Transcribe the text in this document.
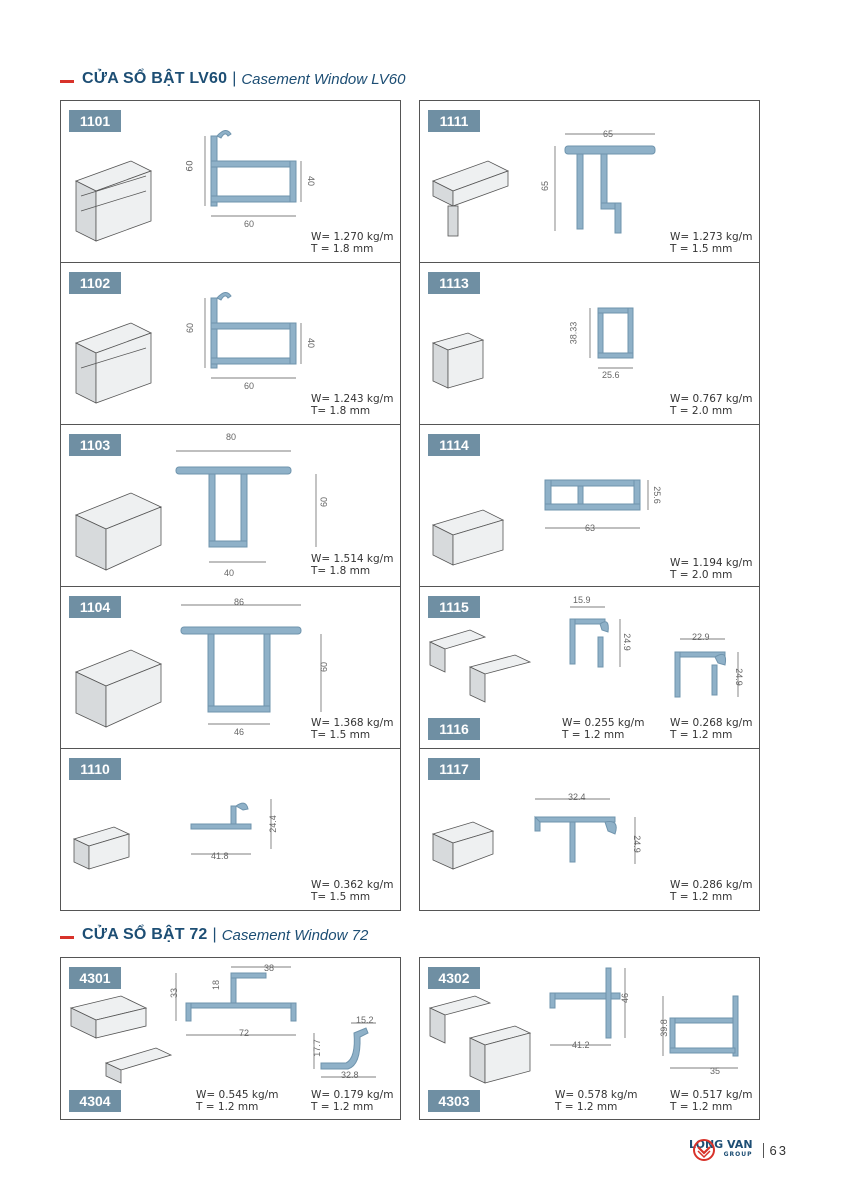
CỬA SỔ BẬT LV60 | Casement Window LV60
1101
60
40
60
W= 1.270 kg/m
T = 1.8 mm
1111
65
65
W= 1.273 kg/m
T = 1.5 mm
1102
60
40
60
W= 1.243 kg/m
T= 1.8 mm
1113
38.33
25.6
W= 0.767 kg/m
T = 2.0 mm
1103	80
60
40
W= 1.514 kg/m
T= 1.8 mm
1114
25.6
63
W= 1.194 kg/m
T = 2.0 mm
1104	86
60
46
W= 1.368 kg/m
T= 1.5 mm
1115
1116
15.9
24.9	22.9
24.9
W= 0.255 kg/m
T = 1.2 mm
W= 0.268 kg/m
T = 1.2 mm
1110
24.4
41.8
W= 0.362 kg/m
T= 1.5 mm
1117
32.4
24.9
W= 0.286 kg/m
T = 1.2 mm
CỬA SỔ BẬT 72 | Casement Window 72
4301
4304
38
33
18
72
15.2
17.7
32.8
W= 0.545 kg/m
T = 1.2 mm
W= 0.179 kg/m
T = 1.2 mm
4302
4303
46
41.2
39.8
35
W= 0.578 kg/m
T = 1.2 mm
W= 0.517 kg/m
T = 1.2 mm
LONG VAN
GROUP	63
